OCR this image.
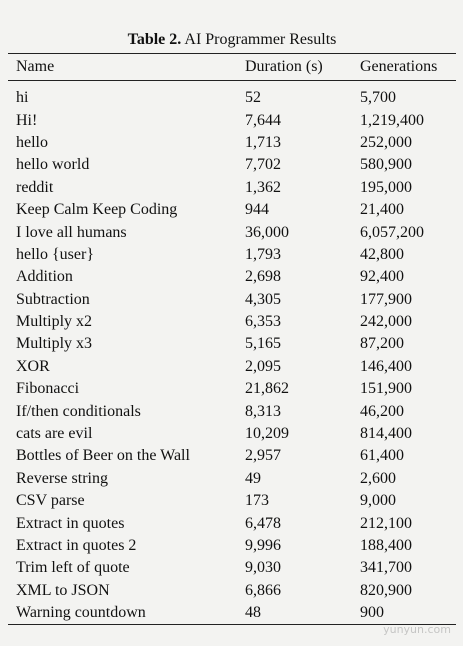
Table 2. AI Programmer Results
Name	Duration (s)	Generations
hi	52	5,700
Hi!	7,644	1,219,400
hello	1,713	252,000
hello world	7,702	580,900
reddit	1,362	195,000
Keep Calm Keep Coding	944	21,400
I love all humans	36,000	6,057,200
hello {user}	1,793	42,800
Addition	2,698	92,400
Subtraction	4,305	177,900
Multiply x2	6,353	242,000
Multiply x3	5,165	87,200
XOR	2,095	146,400
Fibonacci	21,862	151,900
If/then conditionals	8,313	46,200
cats are evil	10,209	814,400
Bottles of Beer on the Wall	2,957	61,400
Reverse string	49	2,600
CSV parse	173	9,000
Extract in quotes	6,478	212,100
Extract in quotes 2	9,996	188,400
Trim left of quote	9,030	341,700
XML to JSON	6,866	820,900
Warning countdown	48	900
yunyun.com
